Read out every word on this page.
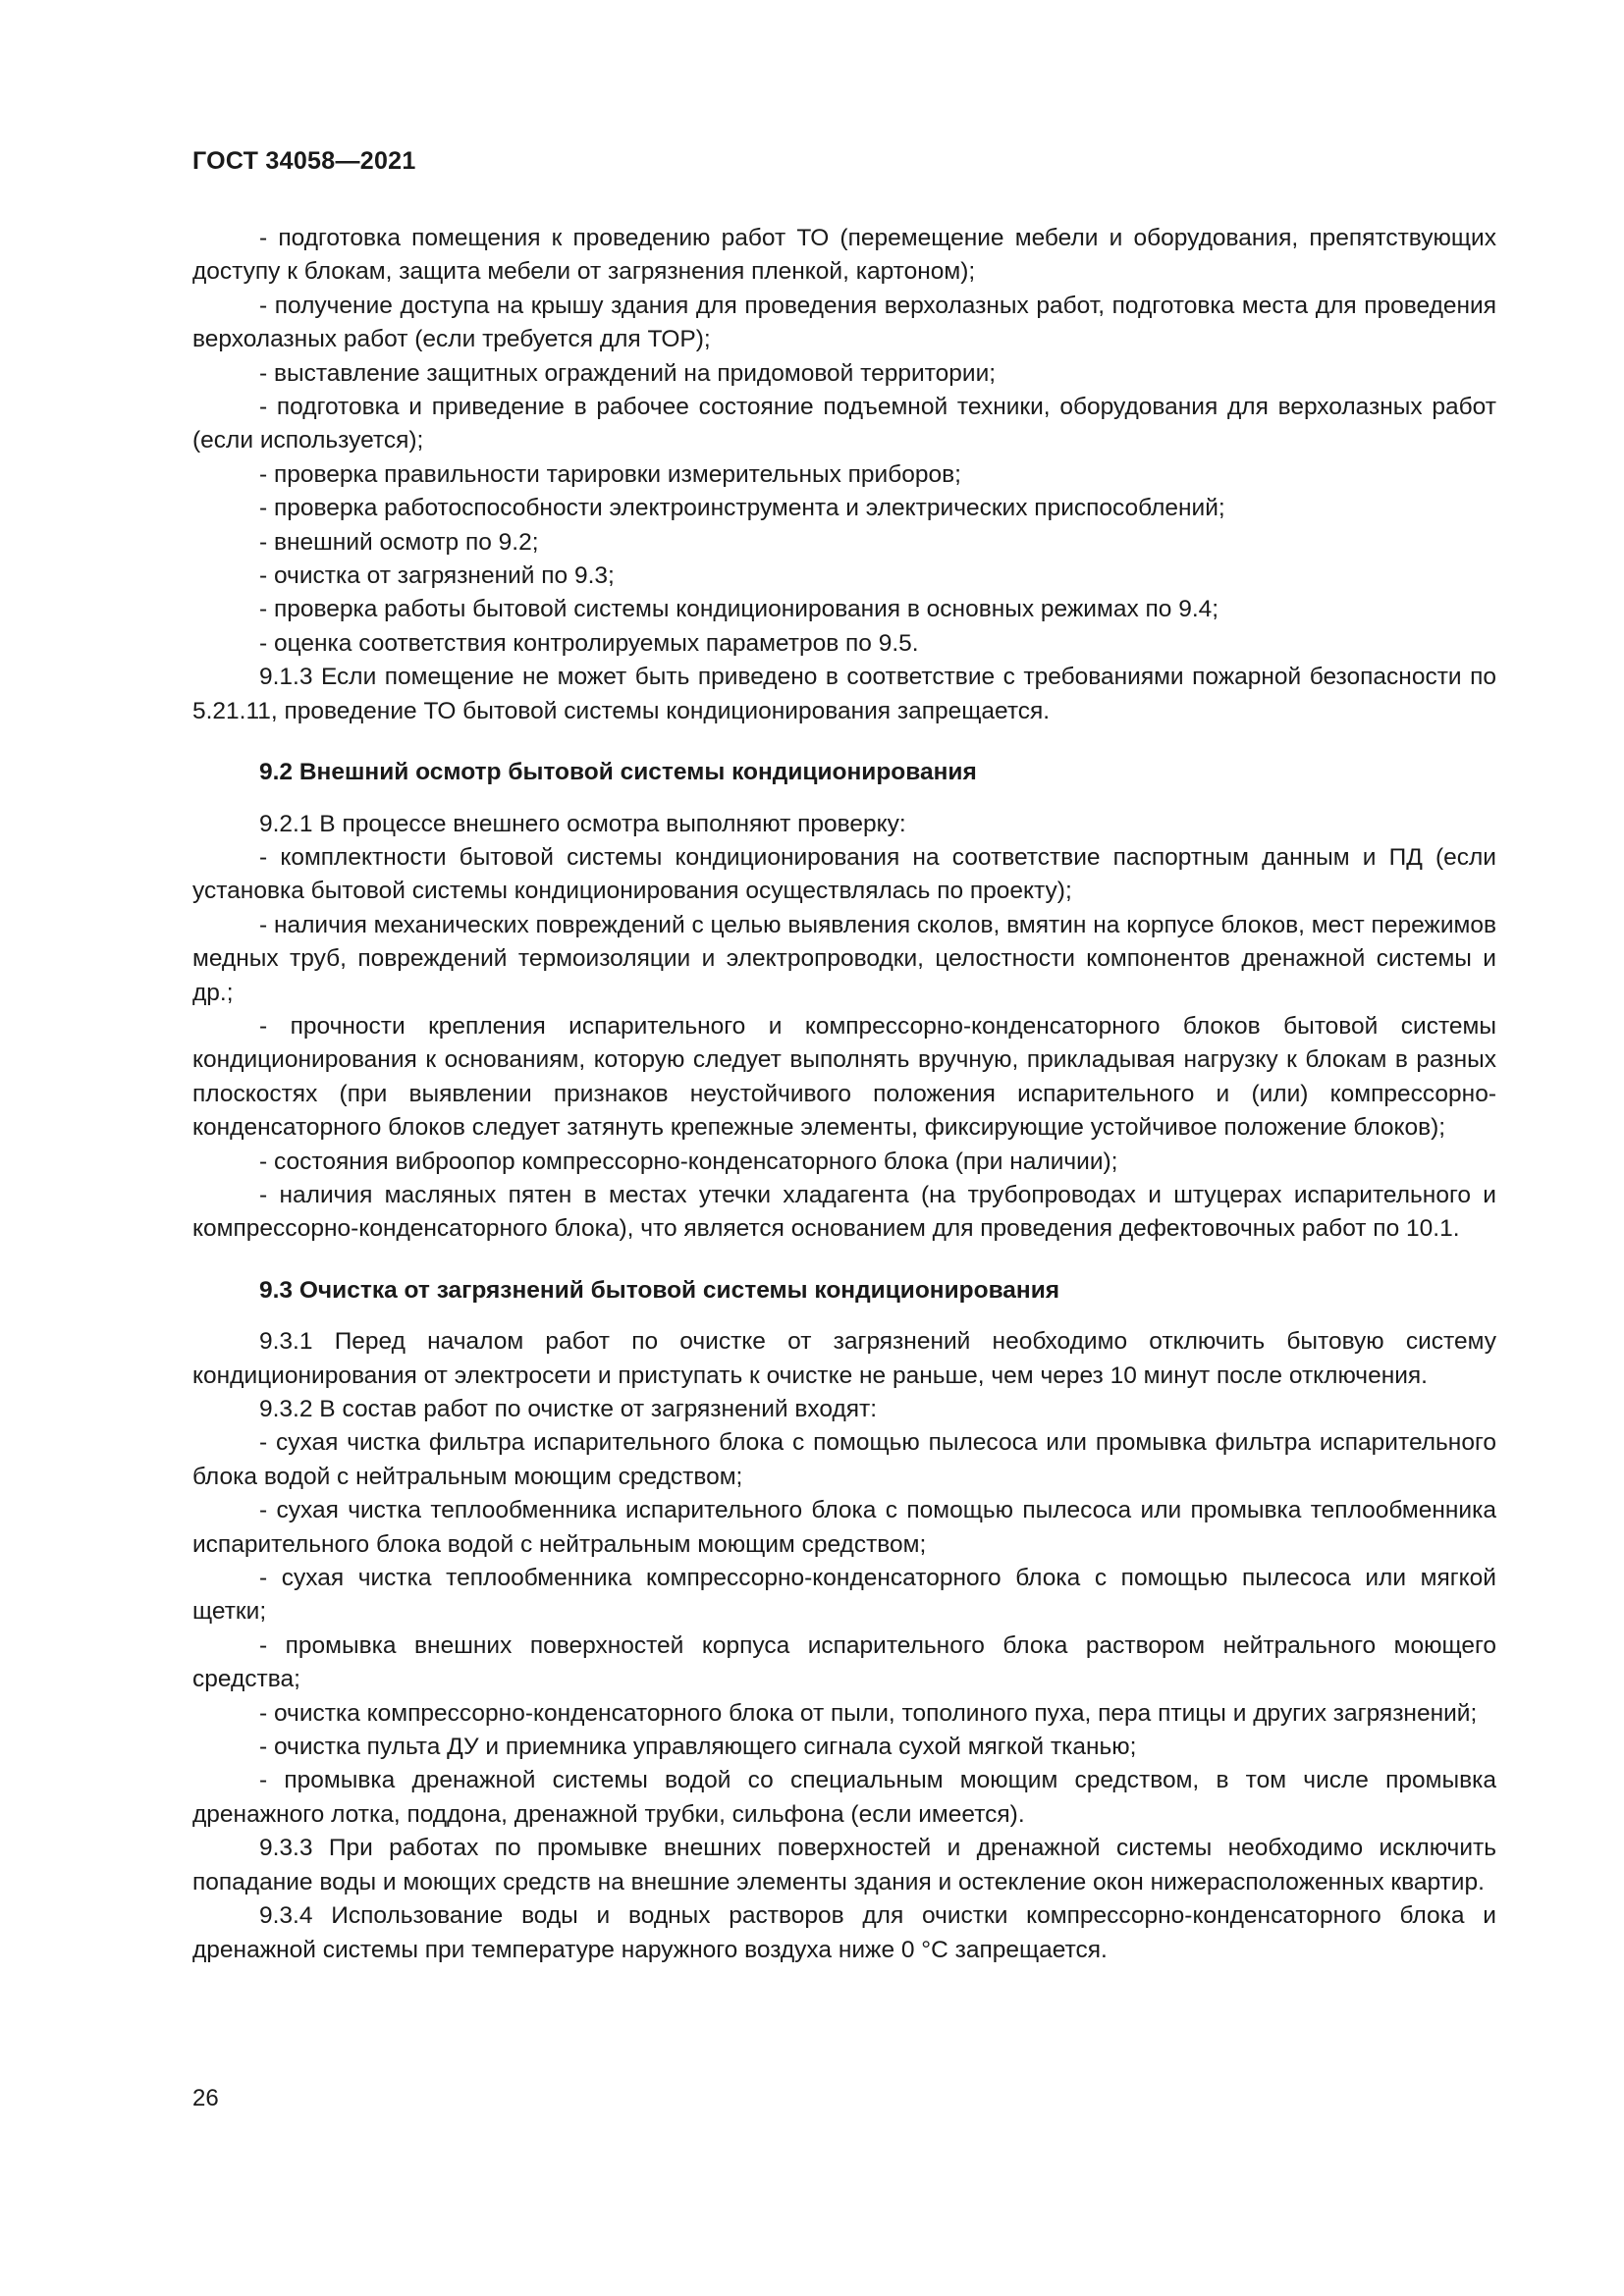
ГОСТ 34058—2021

- подготовка помещения к проведению работ ТО (перемещение мебели и оборудования, препятствующих доступу к блокам, защита мебели от загрязнения пленкой, картоном);

- получение доступа на крышу здания для проведения верхолазных работ, подготовка места для проведения верхолазных работ (если требуется для ТОР);

- выставление защитных ограждений на придомовой территории;

- подготовка и приведение в рабочее состояние подъемной техники, оборудования для верхолазных работ (если используется);

- проверка правильности тарировки измерительных приборов;

- проверка работоспособности электроинструмента и электрических приспособлений;

- внешний осмотр по 9.2;

- очистка от загрязнений по 9.3;

- проверка работы бытовой системы кондиционирования в основных режимах по 9.4;

- оценка соответствия контролируемых параметров по 9.5.

9.1.3 Если помещение не может быть приведено в соответствие с требованиями пожарной безопасности по 5.21.11, проведение ТО бытовой системы кондиционирования запрещается.

9.2 Внешний осмотр бытовой системы кондиционирования

9.2.1 В процессе внешнего осмотра выполняют проверку:

- комплектности бытовой системы кондиционирования на соответствие паспортным данным и ПД (если установка бытовой системы кондиционирования осуществлялась по проекту);

- наличия механических повреждений с целью выявления сколов, вмятин на корпусе блоков, мест пережимов медных труб, повреждений термоизоляции и электропроводки, целостности компонентов дренажной системы и др.;

- прочности крепления испарительного и компрессорно-конденсаторного блоков бытовой системы кондиционирования к основаниям, которую следует выполнять вручную, прикладывая нагрузку к блокам в разных плоскостях (при выявлении признаков неустойчивого положения испарительного и (или) компрессорно-конденсаторного блоков следует затянуть крепежные элементы, фиксирующие устойчивое положение блоков);

- состояния виброопор компрессорно-конденсаторного блока (при наличии);

- наличия масляных пятен в местах утечки хладагента (на трубопроводах и штуцерах испарительного и компрессорно-конденсаторного блока), что является основанием для проведения дефектовочных работ по 10.1.

9.3 Очистка от загрязнений бытовой системы кондиционирования

9.3.1 Перед началом работ по очистке от загрязнений необходимо отключить бытовую систему кондиционирования от электросети и приступать к очистке не раньше, чем через 10 минут после отключения.

9.3.2 В состав работ по очистке от загрязнений входят:

- сухая чистка фильтра испарительного блока с помощью пылесоса или промывка фильтра испарительного блока водой с нейтральным моющим средством;

- сухая чистка теплообменника испарительного блока с помощью пылесоса или промывка теплообменника испарительного блока водой с нейтральным моющим средством;

- сухая чистка теплообменника компрессорно-конденсаторного блока с помощью пылесоса или мягкой щетки;

- промывка внешних поверхностей корпуса испарительного блока раствором нейтрального моющего средства;

- очистка компрессорно-конденсаторного блока от пыли, тополиного пуха, пера птицы и других загрязнений;

- очистка пульта ДУ и приемника управляющего сигнала сухой мягкой тканью;

- промывка дренажной системы водой со специальным моющим средством, в том числе промывка дренажного лотка, поддона, дренажной трубки, сильфона (если имеется).

9.3.3 При работах по промывке внешних поверхностей и дренажной системы необходимо исключить попадание воды и моющих средств на внешние элементы здания и остекление окон нижерасположенных квартир.

9.3.4 Использование воды и водных растворов для очистки компрессорно-конденсаторного блока и дренажной системы при температуре наружного воздуха ниже 0 °С запрещается.

26
